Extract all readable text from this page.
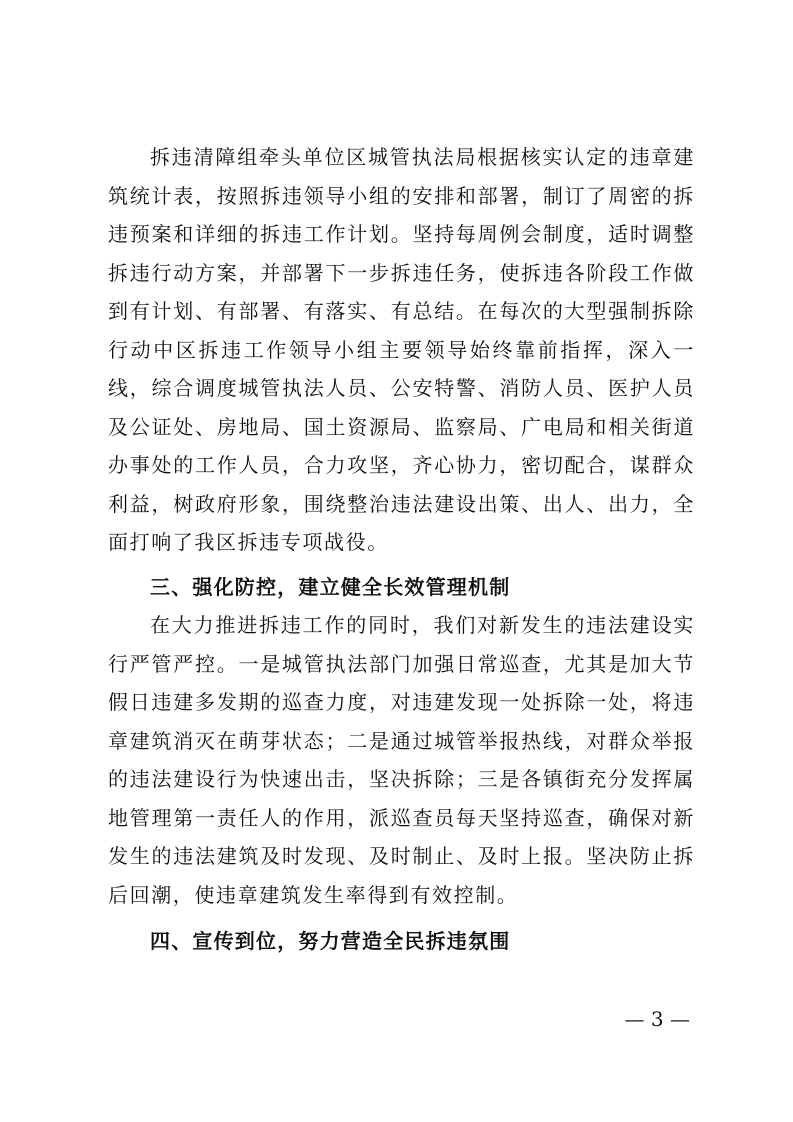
拆违清障组牵头单位区城管执法局根据核实认定的违章建筑统计表，按照拆违领导小组的安排和部署，制订了周密的拆违预案和详细的拆违工作计划。坚持每周例会制度，适时调整拆违行动方案，并部署下一步拆违任务，使拆违各阶段工作做到有计划、有部署、有落实、有总结。在每次的大型强制拆除行动中区拆违工作领导小组主要领导始终靠前指挥，深入一线，综合调度城管执法人员、公安特警、消防人员、医护人员及公证处、房地局、国土资源局、监察局、广电局和相关街道办事处的工作人员，合力攻坚，齐心协力，密切配合，谋群众利益，树政府形象，围绕整治违法建设出策、出人、出力，全面打响了我区拆违专项战役。

三、强化防控，建立健全长效管理机制

在大力推进拆违工作的同时，我们对新发生的违法建设实行严管严控。一是城管执法部门加强日常巡查，尤其是加大节假日违建多发期的巡查力度，对违建发现一处拆除一处，将违章建筑消灭在萌芽状态；二是通过城管举报热线，对群众举报的违法建设行为快速出击，坚决拆除；三是各镇街充分发挥属地管理第一责任人的作用，派巡查员每天坚持巡查，确保对新发生的违法建筑及时发现、及时制止、及时上报。坚决防止拆后回潮，使违章建筑发生率得到有效控制。

四、宣传到位，努力营造全民拆违氛围

— 3 —
